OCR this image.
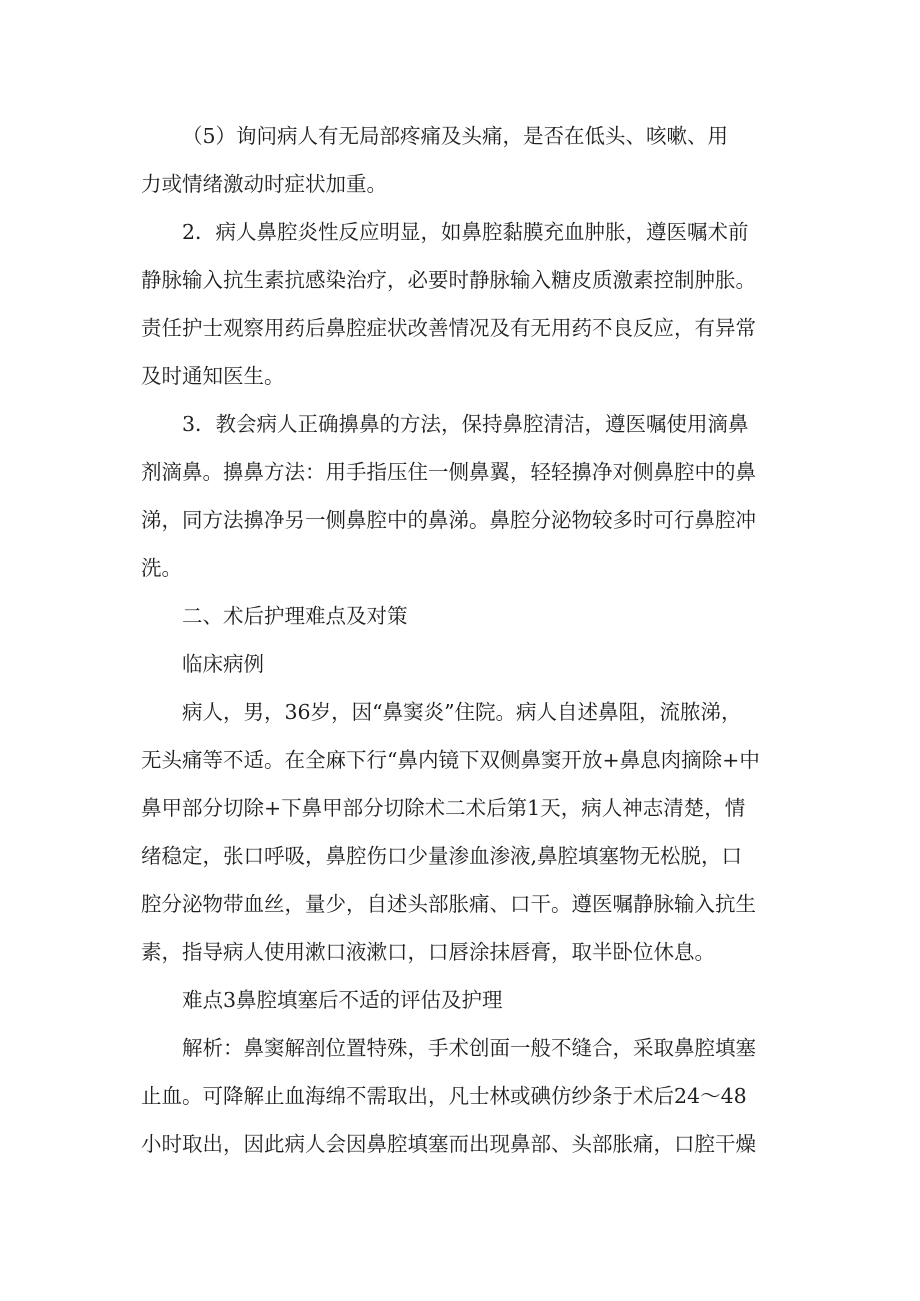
（5）询问病人有无局部疼痛及头痛，是否在低头、咳嗽、用
力或情绪激动时症状加重。

2．病人鼻腔炎性反应明显，如鼻腔黏膜充血肿胀，遵医嘱术前
静脉输入抗生素抗感染治疗，必要时静脉输入糖皮质激素控制肿胀。
责任护士观察用药后鼻腔症状改善情况及有无用药不良反应，有异常
及时通知医生。

3．教会病人正确擤鼻的方法，保持鼻腔清洁，遵医嘱使用滴鼻
剂滴鼻。擤鼻方法：用手指压住一侧鼻翼，轻轻擤净对侧鼻腔中的鼻
涕，同方法擤净另一侧鼻腔中的鼻涕。鼻腔分泌物较多时可行鼻腔冲
洗。

二、术后护理难点及对策

临床病例

病人，男，36岁，因“鼻窦炎”住院。病人自述鼻阻，流脓涕，
无头痛等不适。在全麻下行“鼻内镜下双侧鼻窦开放+鼻息肉摘除+中
鼻甲部分切除+下鼻甲部分切除术二术后第1天，病人神志清楚，情
绪稳定，张口呼吸，鼻腔伤口少量渗血渗液,鼻腔填塞物无松脱，口
腔分泌物带血丝，量少，自述头部胀痛、口干。遵医嘱静脉输入抗生
素，指导病人使用漱口液漱口，口唇涂抹唇膏，取半卧位休息。

难点3鼻腔填塞后不适的评估及护理

解析：鼻窦解剖位置特殊，手术创面一般不缝合，采取鼻腔填塞
止血。可降解止血海绵不需取出，凡士林或碘仿纱条于术后24～48
小时取出，因此病人会因鼻腔填塞而出现鼻部、头部胀痛，口腔干燥
